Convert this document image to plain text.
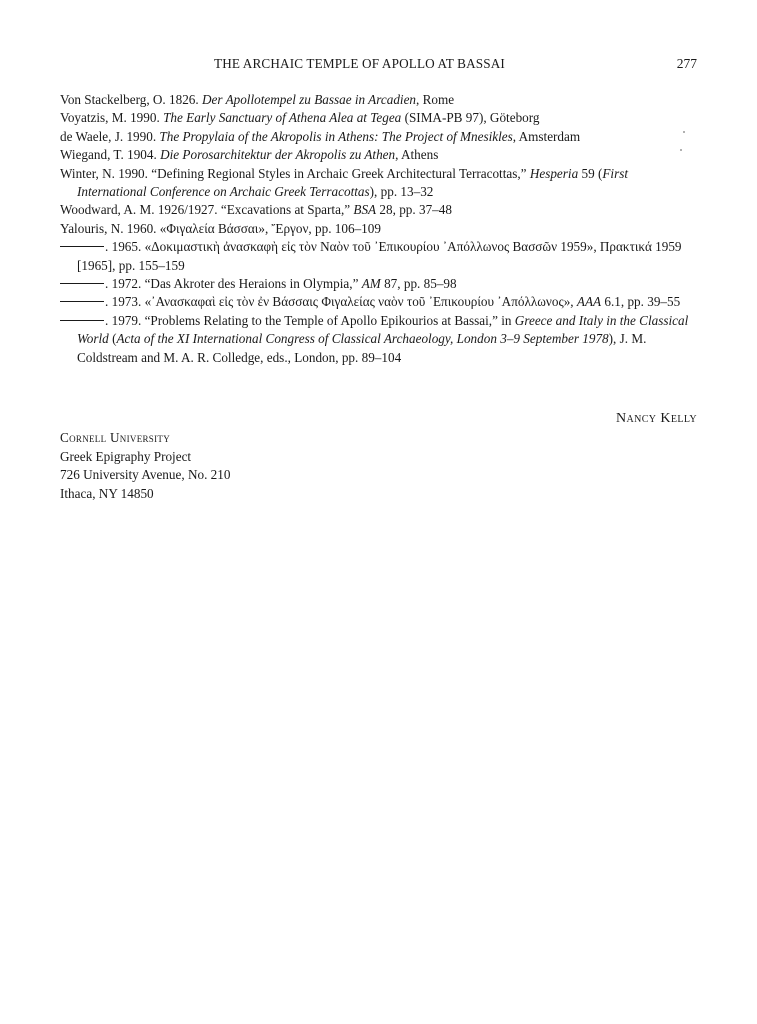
THE ARCHAIC TEMPLE OF APOLLO AT BASSAI	277

Von Stackelberg, O. 1826. Der Apollotempel zu Bassae in Arcadien, Rome

Voyatzis, M. 1990. The Early Sanctuary of Athena Alea at Tegea (SIMA-PB 97), Göteborg

de Waele, J. 1990. The Propylaia of the Akropolis in Athens: The Project of Mnesikles, Amsterdam

Wiegand, T. 1904. Die Porosarchitektur der Akropolis zu Athen, Athens

Winter, N. 1990. “Defining Regional Styles in Archaic Greek Architectural Terracottas,” Hesperia 59 (First International Conference on Archaic Greek Terracottas), pp. 13–32

Woodward, A. M. 1926/1927. “Excavations at Sparta,” BSA 28, pp. 37–48

Yalouris, N. 1960. «Φιγαλεία Βάσσαι», Ἔργον, pp. 106–109

. 1965. «Δοκιμαστικὴ ἀνασκαφὴ εἰς τὸν Ναὸν τοῦ ᾿Επικουρίου ᾿Απόλλωνος Βασσῶν 1959», Πρακτικά 1959 [1965], pp. 155–159

. 1972. “Das Akroter des Heraions in Olympia,” AM 87, pp. 85–98

. 1973. «᾿Ανασκαφαὶ εἰς τὸν ἐν Βάσσαις Φιγαλείας ναὸν τοῦ ᾿Επικουρίου ᾿Απόλλωνος», AAA 6.1, pp. 39–55

. 1979. “Problems Relating to the Temple of Apollo Epikourios at Bassai,” in Greece and Italy in the Classical World (Acta of the XI International Congress of Classical Archaeology, London 3–9 September 1978), J. M. Coldstream and M. A. R. Colledge, eds., London, pp. 89–104

Nancy Kelly
Cornell University
Greek Epigraphy Project
726 University Avenue, No. 210
Ithaca, NY 14850
